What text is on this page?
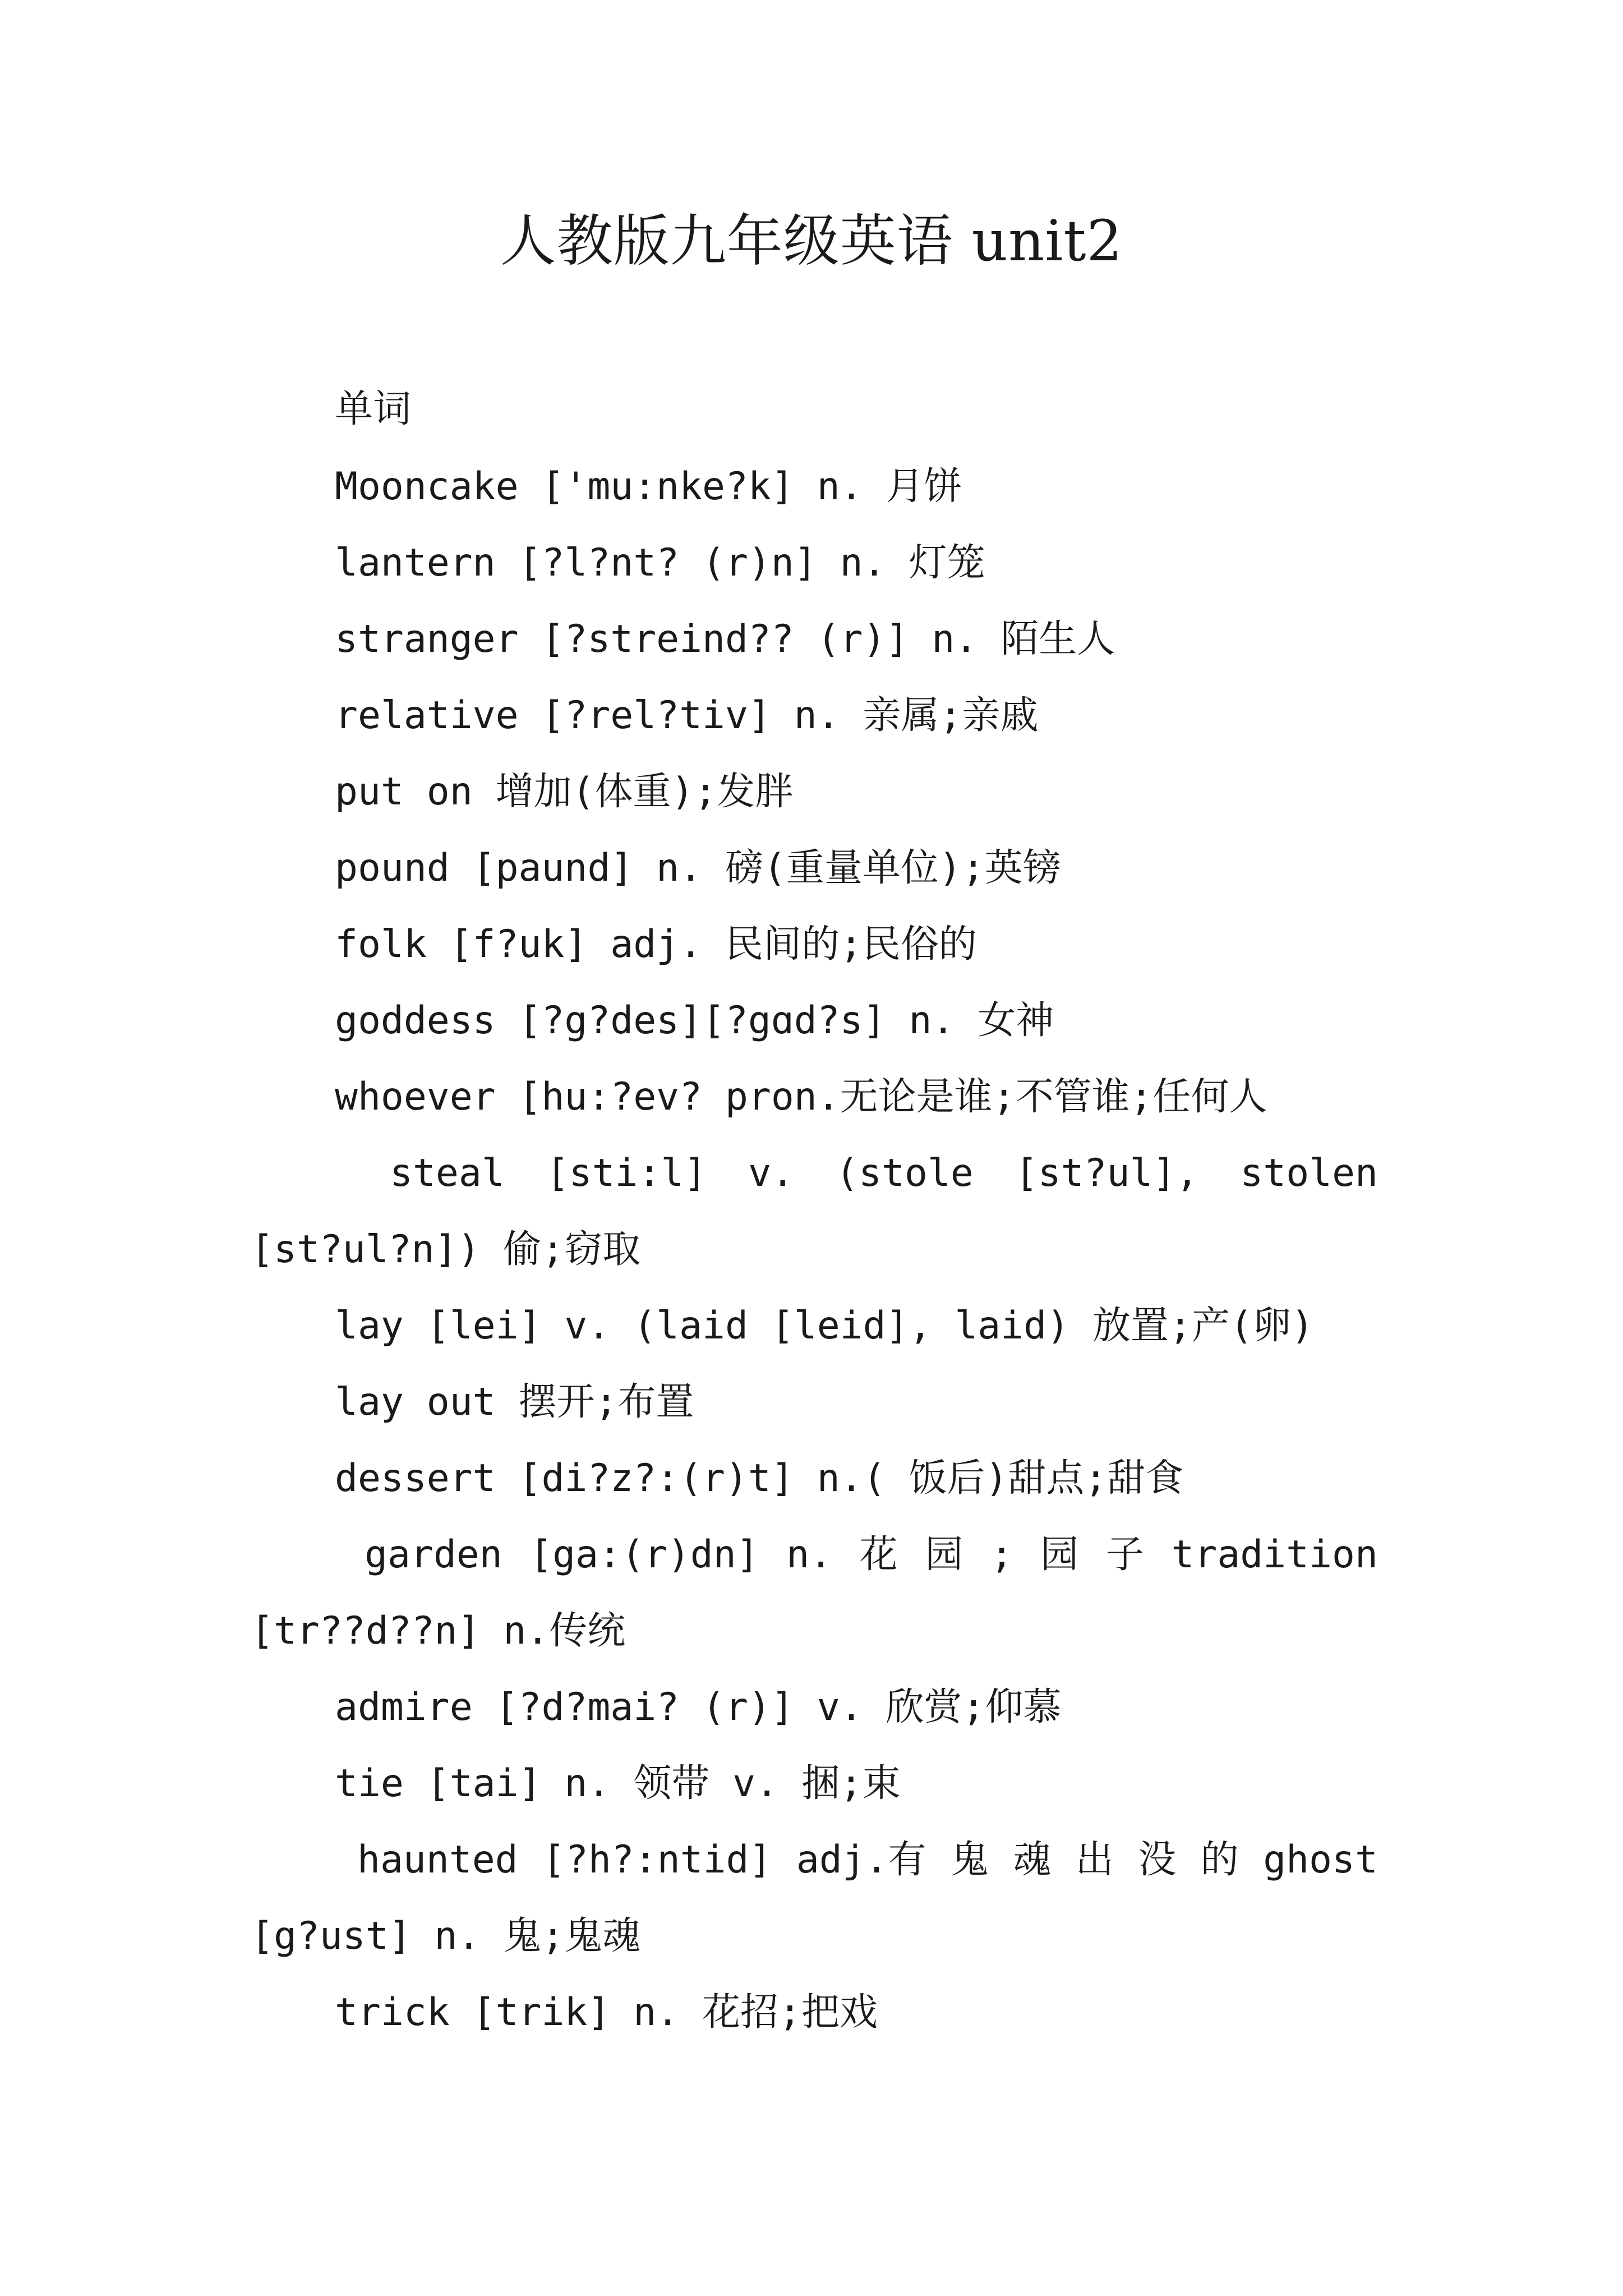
人教版九年级英语 unit2
单词
Mooncake ['mu:nke?k] n. 月饼
lantern [?l?nt? (r)n] n. 灯笼
stranger [?streind?? (r)] n. 陌生人
relative [?rel?tiv] n. 亲属;亲戚
put on 增加(体重);发胖
pound [paund] n. 磅(重量单位);英镑
folk [f?uk] adj. 民间的;民俗的
goddess [?g?des][?gɑd?s] n. 女神
whoever [hu:?ev? pron.无论是谁;不管谁;任何人
steal [sti:l] v. (stole [st?ul], stolen
[st?ul?n]) 偷;窃取
lay [lei] v. (laid [leid], laid) 放置;产(卵)
lay out 摆开;布置
dessert [di?z?:(r)t] n.( 饭后)甜点;甜食
garden [ga:(r)dn] n. 花 园 ; 园 子 tradition
[tr??d??n] n.传统
admire [?d?mai? (r)] v. 欣赏;仰慕
tie [tai] n. 领带 v. 捆;束
haunted [?h?:ntid] adj.有 鬼 魂 出 没 的 ghost
[g?ust] n. 鬼;鬼魂
trick [trik] n. 花招;把戏
